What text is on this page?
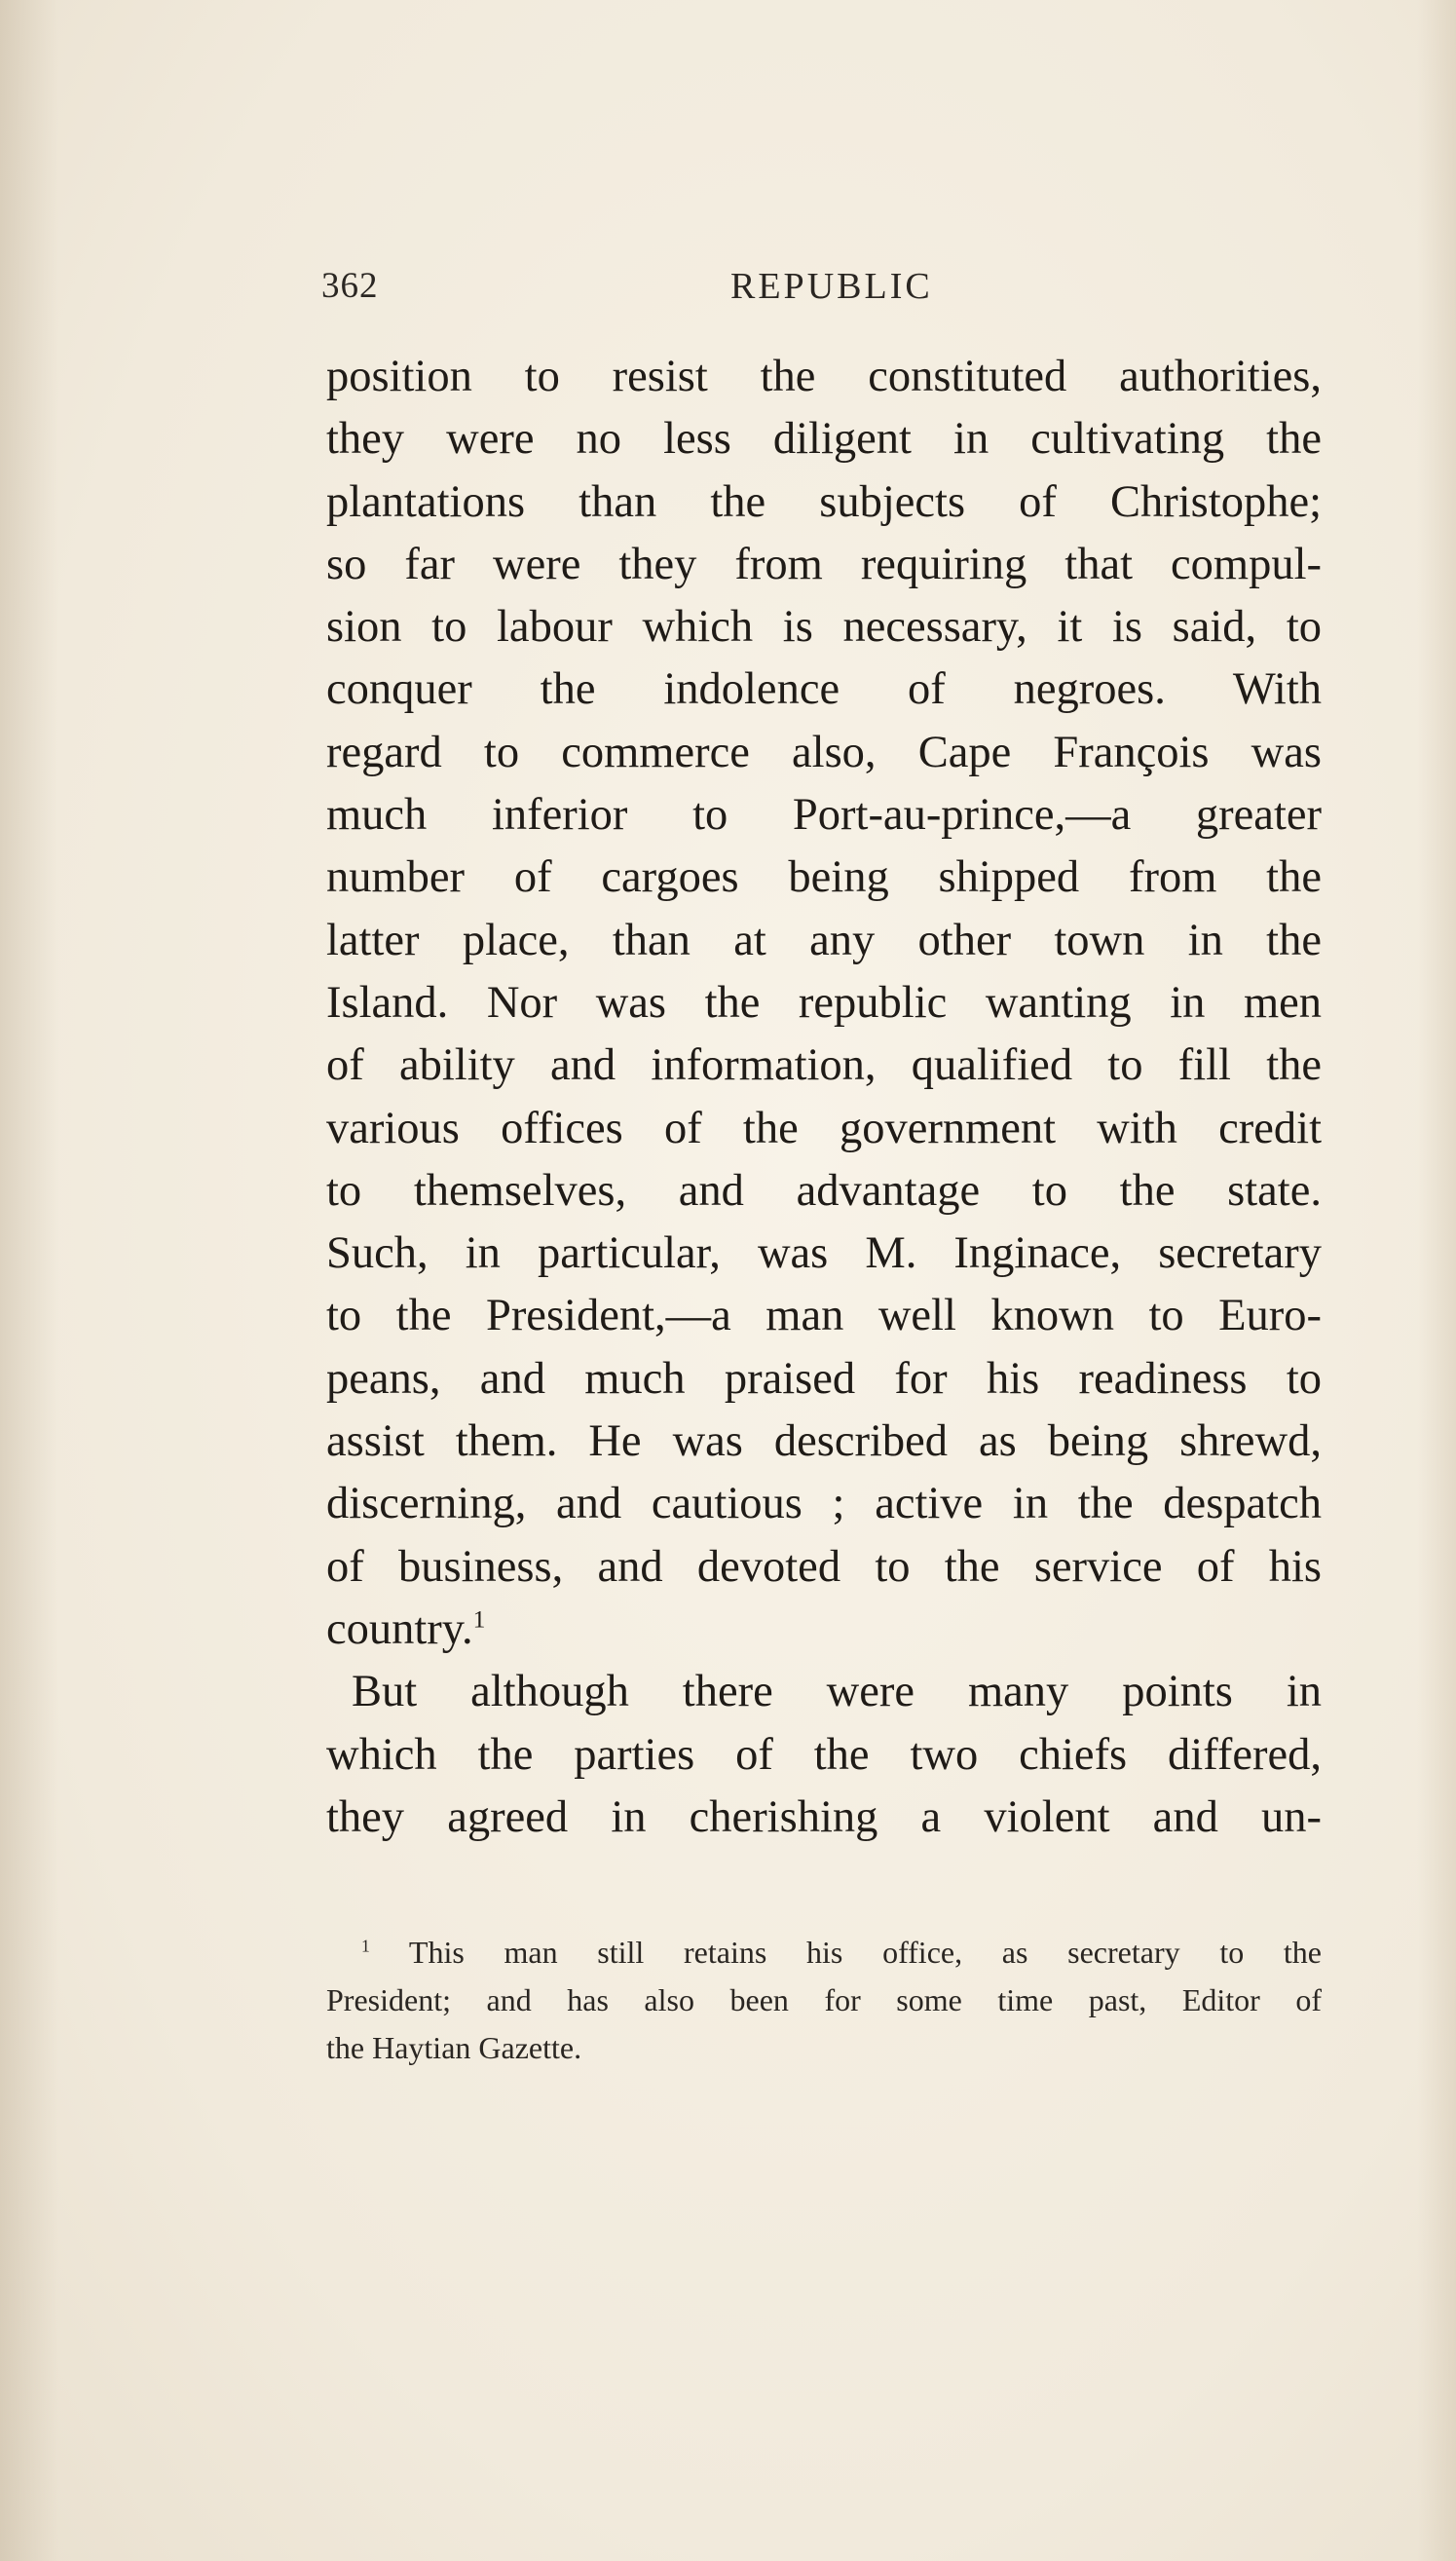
362	REPUBLIC
position to resist the constituted authorities,
they were no less diligent in cultivating the
plantations than the subjects of Christophe;
so far were they from requiring that compul-
sion to labour which is necessary, it is said, to
conquer the indolence of negroes. With
regard to commerce also, Cape François was
much inferior to Port-au-prince,—a greater
number of cargoes being shipped from the
latter place, than at any other town in the
Island. Nor was the republic wanting in men
of ability and information, qualified to fill the
various offices of the government with credit
to themselves, and advantage to the state.
Such, in particular, was M. Inginace, secretary
to the President,—a man well known to Euro-
peans, and much praised for his readiness to
assist them. He was described as being shrewd,
discerning, and cautious ; active in the despatch
of business, and devoted to the service of his
country.$^1$
But although there were many points in
which the parties of the two chiefs differed,
they agreed in cherishing a violent and un-
$^1$ This man still retains his office, as secretary to the
President; and has also been for some time past, Editor of
the Haytian Gazette.
